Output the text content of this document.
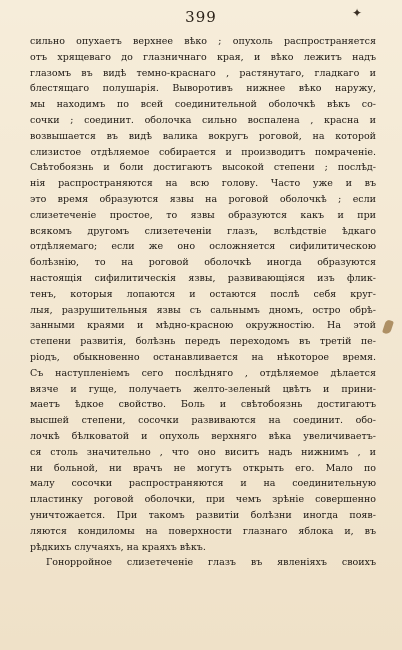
399	✦
сильно опухаетъ верхнее вѣко ; опухоль распространяется
отъ хрящеваго до глазничнаго края, и вѣко лежитъ надъ
глазомъ въ видѣ темно-краснаго , растянутаго, гладкаго и
блестящаго полушарія. Выворотивъ нижнее вѣко наружу,
мы находимъ по всей соединительной оболочкѣ вѣкъ со-
сочки ; соединит. оболочка сильно воспалена , красна и
возвышается въ видѣ валика вокругъ роговой, на которой
слизистое отдѣляемое собирается и производитъ помраченіе.
Свѣтобоязнь и боли достигаютъ высокой степени ; послѣд-
нія распространяются на всю голову. Часто уже и въ
это время образуются язвы на роговой оболочкѣ ; если
слизетеченіе простое, то язвы образуются какъ и при
всякомъ другомъ слизетеченіи глазъ, вслѣдствіе ѣдкаго
отдѣляемаго; если же оно осложняется сифилитическою
болѣзнію, то на роговой оболочкѣ иногда образуются
настоящія сифилитическія язвы, развивающіяся изъ флик-
тенъ, которыя лопаются и остаются послѣ себя круг-
лыя, разрушительныя язвы съ сальнымъ дномъ, остро обрѣ-
занными краями и мѣдно-красною окружностію. На этой
степени развитія, болѣзнь передъ переходомъ въ третій пе-
ріодъ, обыкновенно останавливается на нѣкоторое время.
Съ наступленіемъ сего послѣдняго , отдѣляемое дѣлается
вязче и гуще, получаетъ желто-зеленый цвѣтъ и прини-
маетъ ѣдкое свойство. Боль и свѣтобоязнь достигаютъ
высшей степени, сосочки развиваются на соединит. обо-
лочкѣ бѣлковатой и опухоль верхняго вѣка увеличиваетъ-
ся столь значительно , что оно виситъ надъ нижнимъ , и
ни больной, ни врачъ не могутъ открыть его. Мало по
малу сосочки распространяются и на соединительную
пластинку роговой оболочки, при чемъ зрѣніе совершенно
уничтожается. При такомъ развитіи болѣзни иногда появ-
ляются кондиломы на поверхности глазнаго яблока и, въ
рѣдкихъ случаяхъ, на краяхъ вѣкъ.
Гонорройное слизетеченіе глазъ въ явленіяхъ своихъ
